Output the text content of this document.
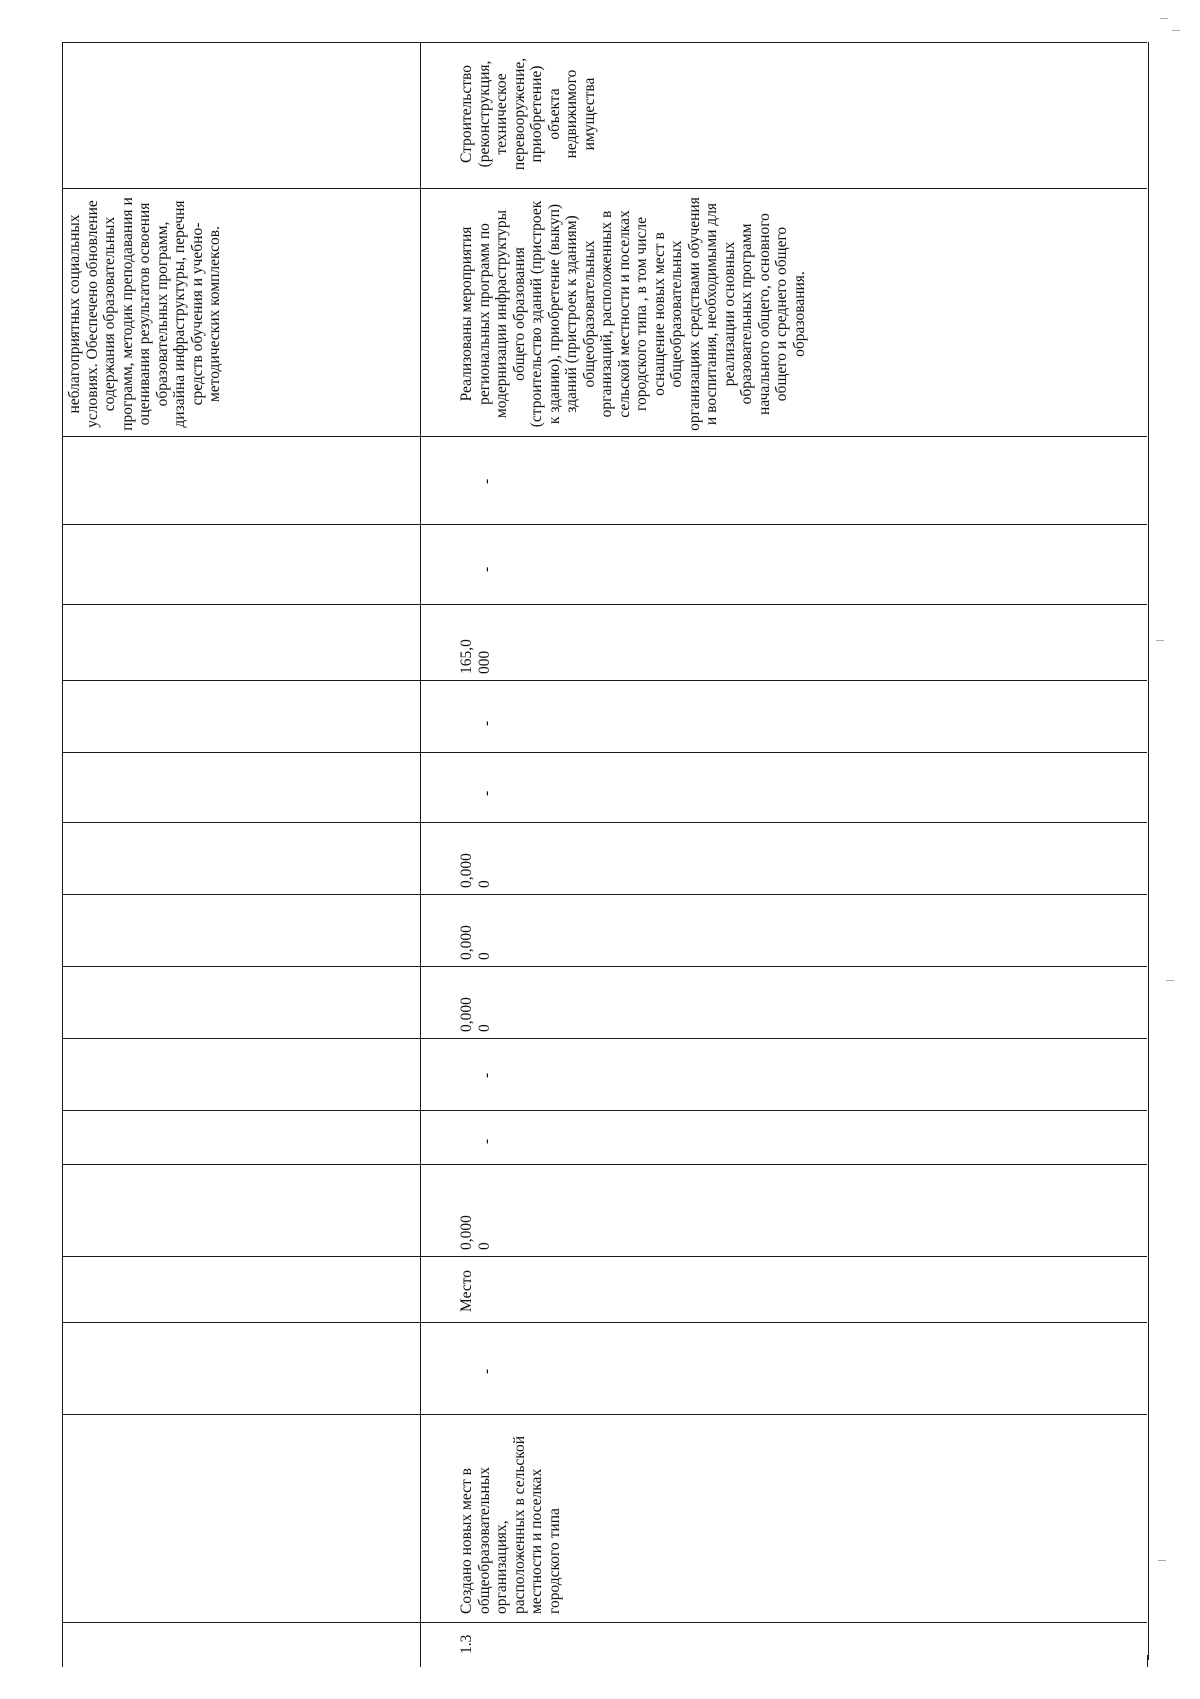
неблагоприятных социальных условиях. Обеспечено обновление содержания образовательных программ, методик преподавания и оценивания результатов освоения образовательных программ, дизайна инфраструктуры, перечня средств обучения и учебно-методических комплексов.
1.3
Создано новых мест в общеобразовательных организациях, расположенных в сельской местности и поселках городского типа
-
Место
0,000 0
-
-
0,000 0
0,000 0
0,000 0
-
-
165,0 000
-
-
Реализованы мероприятия региональных программ по модернизации инфраструктуры общего образования (строительство зданий (пристроек к зданию), приобретение (выкуп) зданий (пристроек к зданиям) общеобразовательных организаций, расположенных в сельской местности и поселках городского типа , в том числе оснащение новых мест в общеобразовательных организациях средствами обучения и воспитания, необходимыми для реализации основных образовательных программ начального общего, основного общего и среднего общего образования.
Строительство (реконструкция, техническое перевооружение, приобретение) объекта недвижимого имущества
